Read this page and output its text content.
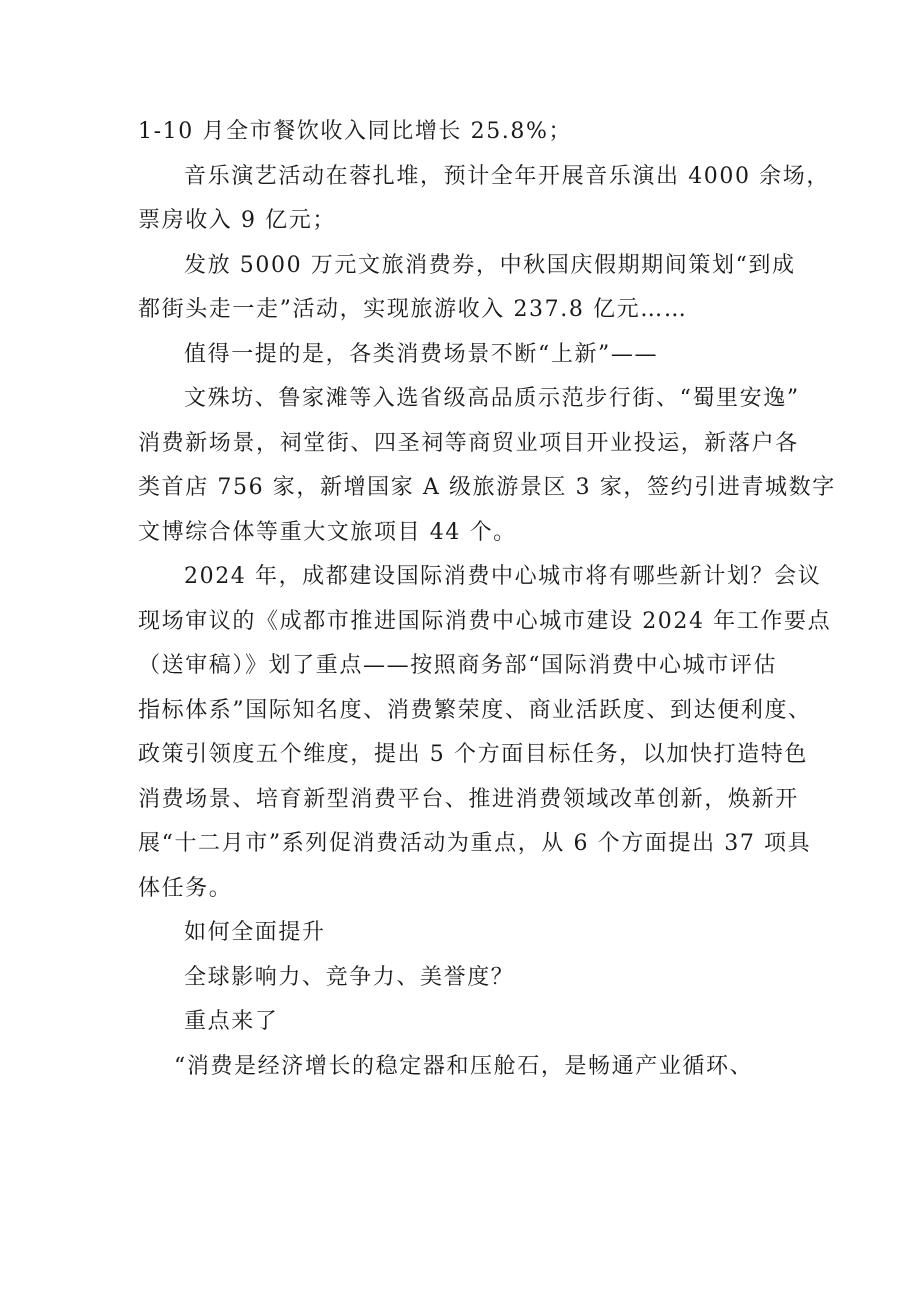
1-10 月全市餐饮收入同比增长 25.8%；

音乐演艺活动在蓉扎堆，预计全年开展音乐演出 4000 余场，
票房收入 9 亿元；

发放 5000 万元文旅消费券，中秋国庆假期期间策划“到成
都街头走一走”活动，实现旅游收入 237.8 亿元……

值得一提的是，各类消费场景不断“上新”——

文殊坊、鲁家滩等入选省级高品质示范步行街、“蜀里安逸”
消费新场景，祠堂街、四圣祠等商贸业项目开业投运，新落户各
类首店 756 家，新增国家 A 级旅游景区 3 家，签约引进青城数字
文博综合体等重大文旅项目 44 个。

2024 年，成都建设国际消费中心城市将有哪些新计划？会议
现场审议的《成都市推进国际消费中心城市建设 2024 年工作要点
（送审稿）》划了重点——按照商务部“国际消费中心城市评估
指标体系”国际知名度、消费繁荣度、商业活跃度、到达便利度、
政策引领度五个维度，提出 5 个方面目标任务，以加快打造特色
消费场景、培育新型消费平台、推进消费领域改革创新，焕新开
展“十二月市”系列促消费活动为重点，从 6 个方面提出 37 项具
体任务。

如何全面提升

全球影响力、竞争力、美誉度？

重点来了

“消费是经济增长的稳定器和压舱石，是畅通产业循环、
